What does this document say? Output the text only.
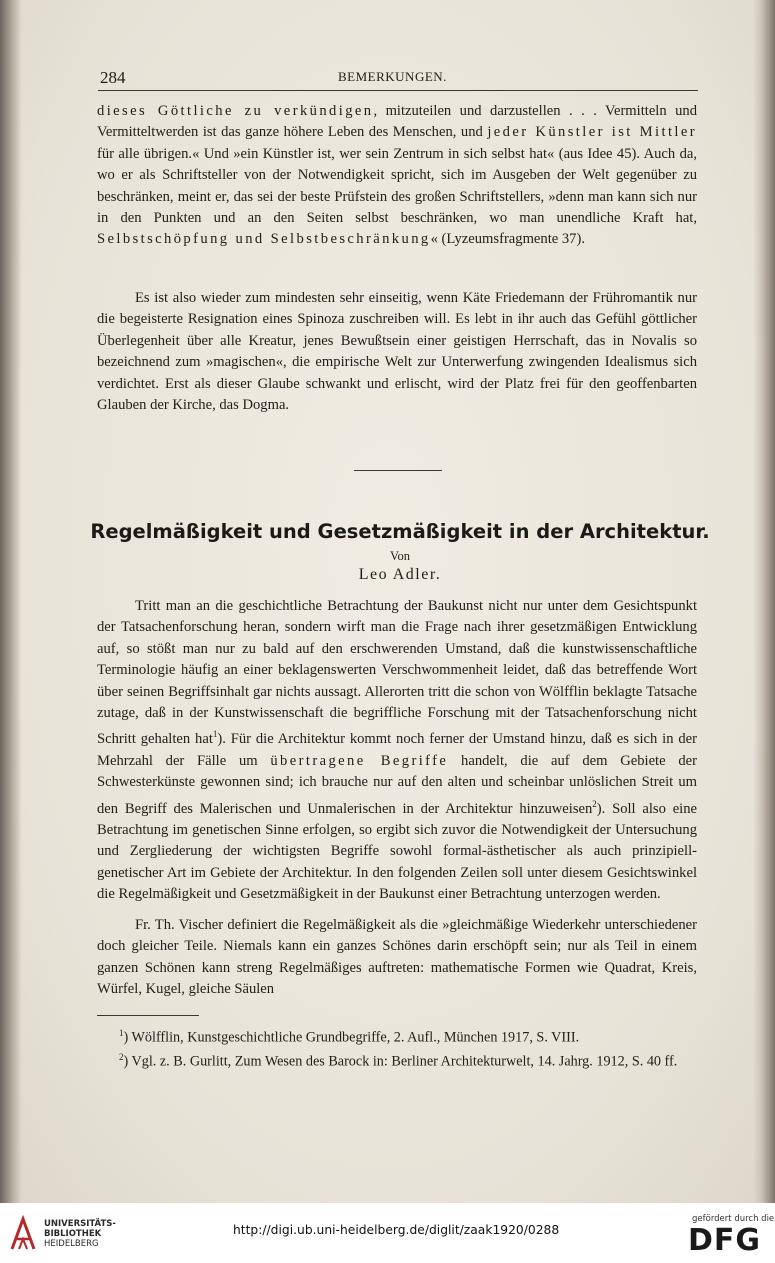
284	BEMERKUNGEN.

dieses Göttliche zu verkündigen, mitzuteilen und darzustellen . . . Vermitteln und Vermitteltwerden ist das ganze höhere Leben des Menschen, und jeder Künstler ist Mittler für alle übrigen.« Und »ein Künstler ist, wer sein Zentrum in sich selbst hat« (aus Idee 45). Auch da, wo er als Schriftsteller von der Notwendigkeit spricht, sich im Ausgeben der Welt gegenüber zu beschränken, meint er, das sei der beste Prüfstein des großen Schriftstellers, »denn man kann sich nur in den Punkten und an den Seiten selbst beschränken, wo man unendliche Kraft hat, Selbstschöpfung und Selbstbeschränkung« (Lyzeumsfragmente 37).

Es ist also wieder zum mindesten sehr einseitig, wenn Käte Friedemann der Frühromantik nur die begeisterte Resignation eines Spinoza zuschreiben will. Es lebt in ihr auch das Gefühl göttlicher Überlegenheit über alle Kreatur, jenes Bewußtsein einer geistigen Herrschaft, das in Novalis so bezeichnend zum »magischen«, die empirische Welt zur Unterwerfung zwingenden Idealismus sich verdichtet. Erst als dieser Glaube schwankt und erlischt, wird der Platz frei für den geoffenbarten Glauben der Kirche, das Dogma.

Regelmäßigkeit und Gesetzmäßigkeit in der Architektur.
Von
Leo Adler.

Tritt man an die geschichtliche Betrachtung der Baukunst nicht nur unter dem Gesichtspunkt der Tatsachenforschung heran, sondern wirft man die Frage nach ihrer gesetzmäßigen Entwicklung auf, so stößt man nur zu bald auf den erschwerenden Umstand, daß die kunstwissenschaftliche Terminologie häufig an einer beklagenswerten Verschwommenheit leidet, daß das betreffende Wort über seinen Begriffsinhalt gar nichts aussagt. Allerorten tritt die schon von Wölfflin beklagte Tatsache zutage, daß in der Kunstwissenschaft die begriffliche Forschung mit der Tatsachenforschung nicht Schritt gehalten hat$^1$). Für die Architektur kommt noch ferner der Umstand hinzu, daß es sich in der Mehrzahl der Fälle um übertragene Begriffe handelt, die auf dem Gebiete der Schwesterkünste gewonnen sind; ich brauche nur auf den alten und scheinbar unlöslichen Streit um den Begriff des Malerischen und Unmalerischen in der Architektur hinzuweisen$^2$). Soll also eine Betrachtung im genetischen Sinne erfolgen, so ergibt sich zuvor die Notwendigkeit der Untersuchung und Zergliederung der wichtigsten Begriffe sowohl formal-ästhetischer als auch prinzipiell-genetischer Art im Gebiete der Architektur. In den folgenden Zeilen soll unter diesem Gesichtswinkel die Regelmäßigkeit und Gesetzmäßigkeit in der Baukunst einer Betrachtung unterzogen werden.

Fr. Th. Vischer definiert die Regelmäßigkeit als die »gleichmäßige Wiederkehr unterschiedener doch gleicher Teile. Niemals kann ein ganzes Schönes darin erschöpft sein; nur als Teil in einem ganzen Schönen kann streng Regelmäßiges auftreten: mathematische Formen wie Quadrat, Kreis, Würfel, Kugel, gleiche Säulen

$^1$) Wölfflin, Kunstgeschichtliche Grundbegriffe, 2. Aufl., München 1917, S. VIII.

$^2$) Vgl. z. B. Gurlitt, Zum Wesen des Barock in: Berliner Architekturwelt, 14. Jahrg. 1912, S. 40 ff.

UNIVERSITÄTS-
BIBLIOTHEK
HEIDELBERG
http://digi.ub.uni-heidelberg.de/diglit/zaak1920/0288
gefördert durch die
DFG
